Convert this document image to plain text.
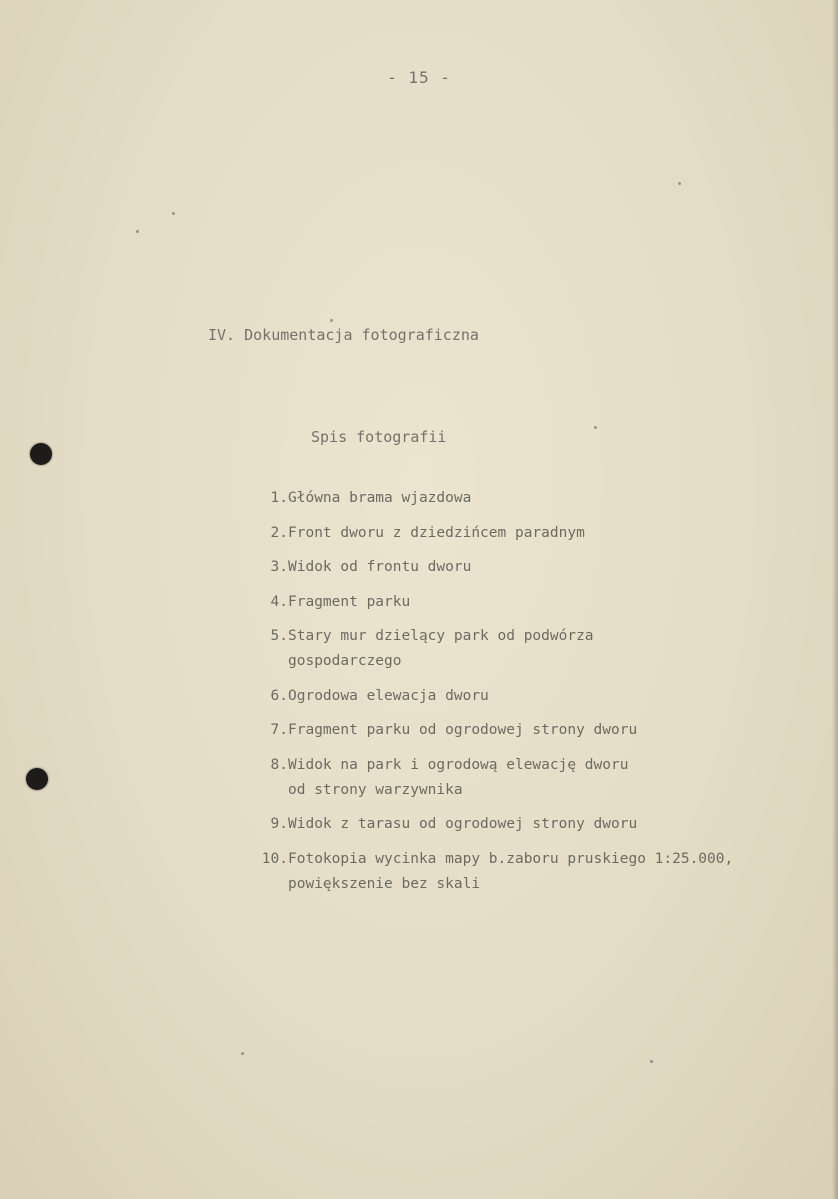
- 15 -
IV. Dokumentacja fotograficzna
Spis fotografii
1. Główna brama wjazdowa
2. Front dworu z dziedzińcem paradnym
3. Widok od frontu dworu
4. Fragment parku
5. Stary mur dzielący park od podwórza
gospodarczego
6. Ogrodowa elewacja dworu
7. Fragment parku od ogrodowej strony dworu
8. Widok na park i ogrodową elewację dworu
od strony warzywnika
9. Widok z tarasu od ogrodowej strony dworu
10. Fotokopia wycinka mapy b.zaboru pruskiego 1:25.000,
powiększenie bez skali
